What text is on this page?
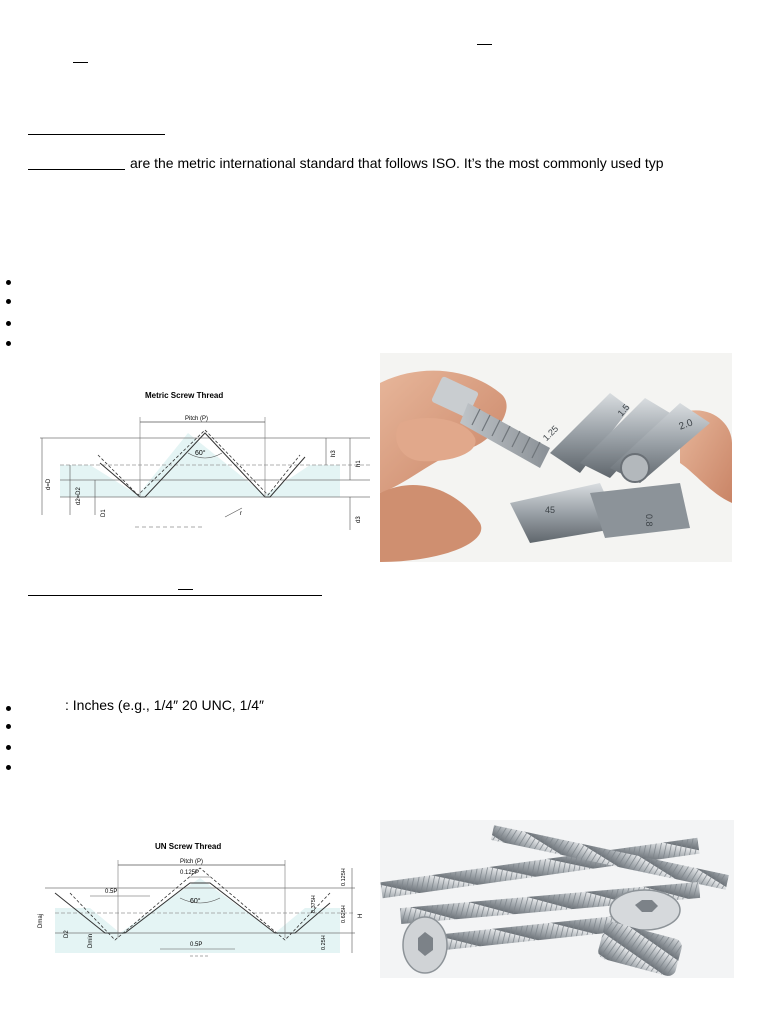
are the metric international standard that follows ISO. It’s the most commonly used typ
Metric Screw Thread
Pitch (P)
60°
d=D
d2=D2
D1	r
h3
h1
d3
1.25
1.5
2.0
45
0.8
: Inches (e.g., 1/4″ 20 UNC, 1/4″
UN Screw Thread
Pitch (P)
0.125P
60°
0.5P
0.5P
Dmaj
D2	Dmin
0.125H
0.375H
0.625H
0.25H
H
